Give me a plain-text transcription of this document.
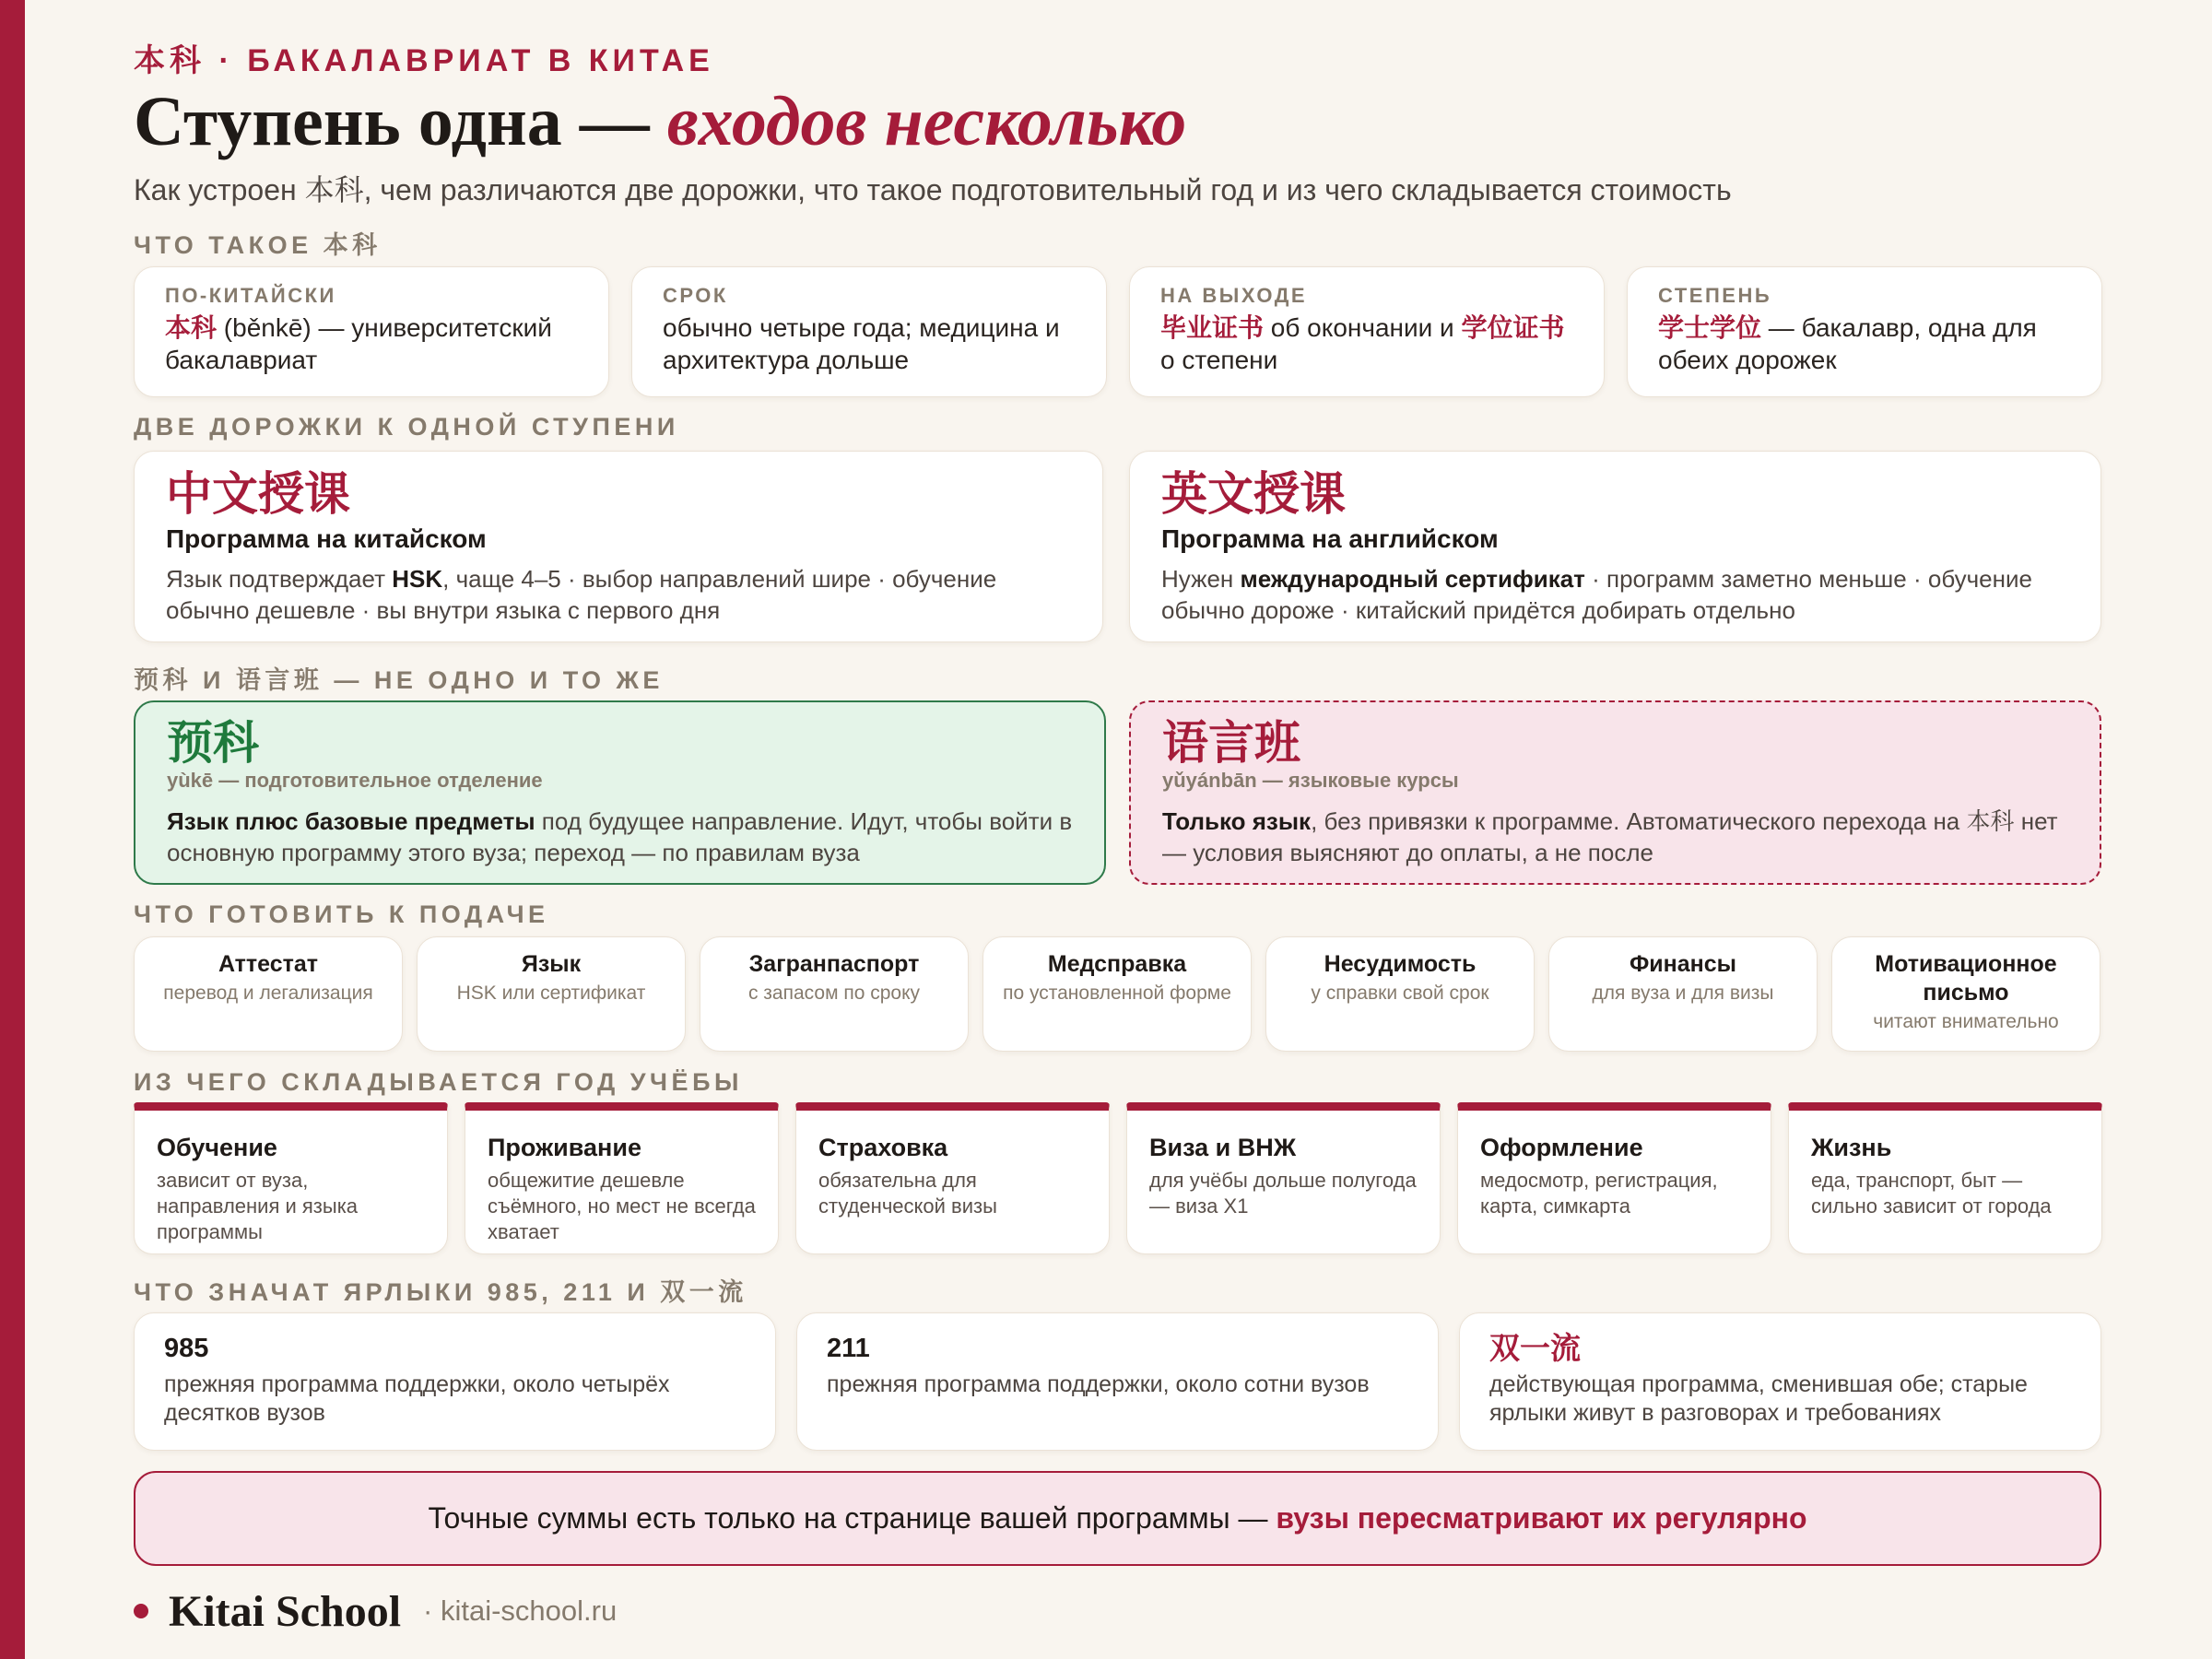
本科 · БАКАЛАВРИАТ В КИТАЕ
Ступень одна — входов несколько
Как устроен 本科, чем различаются две дорожки, что такое подготовительный год и из чего складывается стоимость
ЧТО ТАКОЕ 本科
ПО-КИТАЙСКИ
本科 (běnkē) — университетский бакалавриат
СРОК
обычно четыре года; медицина и архитектура дольше
НА ВЫХОДЕ
毕业证书 об окончании и 学位证书 о степени
СТЕПЕНЬ
学士学位 — бакалавр, одна для обеих дорожек
ДВЕ ДОРОЖКИ К ОДНОЙ СТУПЕНИ
中文授课
Программа на китайском
Язык подтверждает HSK, чаще 4–5 · выбор направлений шире · обучение обычно дешевле · вы внутри языка с первого дня
英文授课
Программа на английском
Нужен международный сертификат · программ заметно меньше · обучение обычно дороже · китайский придётся добирать отдельно
预科 И 语言班 — НЕ ОДНО И ТО ЖЕ
预科
yùkē — подготовительное отделение
Язык плюс базовые предметы под будущее направление. Идут, чтобы войти в основную программу этого вуза; переход — по правилам вуза
语言班
yǔyánbān — языковые курсы
Только язык, без привязки к программе. Автоматического перехода на 本科 нет — условия выясняют до оплаты, а не после
ЧТО ГОТОВИТЬ К ПОДАЧЕ
Аттестат
перевод и легализация
Язык
HSK или сертификат
Загранпаспорт
с запасом по сроку
Медсправка
по установленной форме
Несудимость
у справки свой срок
Финансы
для вуза и для визы
Мотивационное письмо
читают внимательно
ИЗ ЧЕГО СКЛАДЫВАЕТСЯ ГОД УЧЁБЫ
Обучение
зависит от вуза, направления и языка программы
Проживание
общежитие дешевле съёмного, но мест не всегда хватает
Страховка
обязательна для студенческой визы
Виза и ВНЖ
для учёбы дольше полугода — виза X1
Оформление
медосмотр, регистрация, карта, симкарта
Жизнь
еда, транспорт, быт — сильно зависит от города
ЧТО ЗНАЧАТ ЯРЛЫКИ 985, 211 И 双一流
985
прежняя программа поддержки, около четырёх десятков вузов
211
прежняя программа поддержки, около сотни вузов
双一流
действующая программа, сменившая обе; старые ярлыки живут в разговорах и требованиях
Точные суммы есть только на странице вашей программы —
вузы пересматривают их регулярно
Kitai School · kitai-school.ru
